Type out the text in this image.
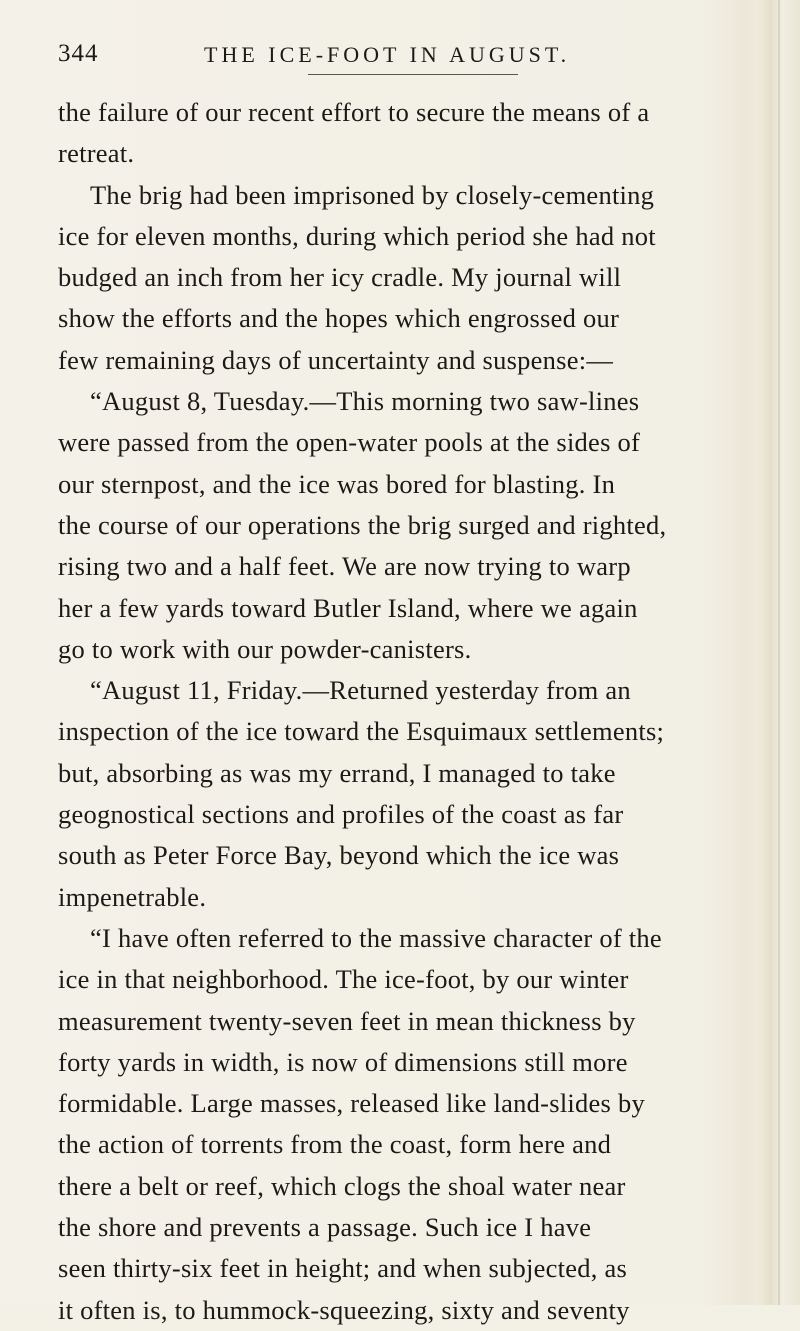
344	THE ICE-FOOT IN AUGUST.
the failure of our recent effort to secure the means of a
retreat.
The brig had been imprisoned by closely-cementing
ice for eleven months, during which period she had not
budged an inch from her icy cradle. My journal will
show the efforts and the hopes which engrossed our
few remaining days of uncertainty and suspense:—
“August 8, Tuesday.—This morning two saw-lines
were passed from the open-water pools at the sides of
our sternpost, and the ice was bored for blasting. In
the course of our operations the brig surged and righted,
rising two and a half feet. We are now trying to warp
her a few yards toward Butler Island, where we again
go to work with our powder-canisters.
“August 11, Friday.—Returned yesterday from an
inspection of the ice toward the Esquimaux settlements;
but, absorbing as was my errand, I managed to take
geognostical sections and profiles of the coast as far
south as Peter Force Bay, beyond which the ice was
impenetrable.
“I have often referred to the massive character of the
ice in that neighborhood. The ice-foot, by our winter
measurement twenty-seven feet in mean thickness by
forty yards in width, is now of dimensions still more
formidable. Large masses, released like land-slides by
the action of torrents from the coast, form here and
there a belt or reef, which clogs the shoal water near
the shore and prevents a passage. Such ice I have
seen thirty-six feet in height; and when subjected, as
it often is, to hummock-squeezing, sixty and seventy
